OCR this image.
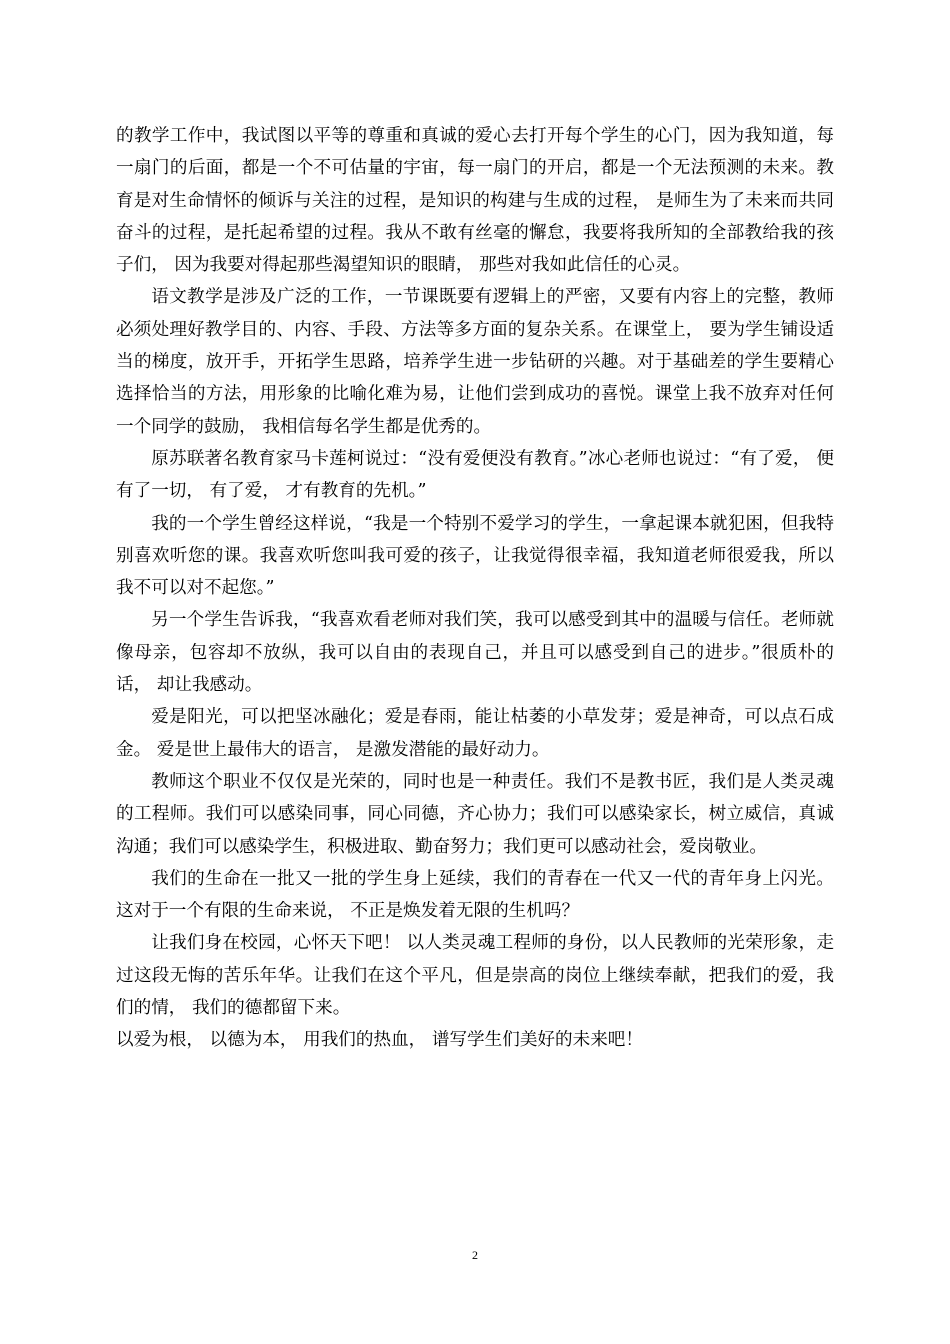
的教学工作中，我试图以平等的尊重和真诚的爱心去打开每个学生的心门，因为我知道，每一扇门的后面，都是一个不可估量的宇宙，每一扇门的开启，都是一个无法预测的未来。教育是对生命情怀的倾诉与关注的过程，是知识的构建与生成的过程， 是师生为了未来而共同奋斗的过程，是托起希望的过程。我从不敢有丝毫的懈怠，我要将我所知的全部教给我的孩子们， 因为我要对得起那些渴望知识的眼睛， 那些对我如此信任的心灵。

语文教学是涉及广泛的工作，一节课既要有逻辑上的严密，又要有内容上的完整，教师必须处理好教学目的、内容、手段、方法等多方面的复杂关系。在课堂上， 要为学生铺设适当的梯度，放开手，开拓学生思路，培养学生进一步钻研的兴趣。对于基础差的学生要精心选择恰当的方法，用形象的比喻化难为易，让他们尝到成功的喜悦。课堂上我不放弃对任何一个同学的鼓励， 我相信每名学生都是优秀的。

原苏联著名教育家马卡莲柯说过：“没有爱便没有教育。”冰心老师也说过：“有了爱， 便有了一切， 有了爱， 才有教育的先机。”

我的一个学生曾经这样说，“我是一个特别不爱学习的学生，一拿起课本就犯困，但我特别喜欢听您的课。我喜欢听您叫我可爱的孩子，让我觉得很幸福，我知道老师很爱我，所以我不可以对不起您。”

另一个学生告诉我，“我喜欢看老师对我们笑，我可以感受到其中的温暖与信任。老师就像母亲，包容却不放纵，我可以自由的表现自己，并且可以感受到自己的进步。”很质朴的话， 却让我感动。

爱是阳光，可以把坚冰融化；爱是春雨，能让枯萎的小草发芽；爱是神奇，可以点石成金。 爱是世上最伟大的语言， 是激发潜能的最好动力。

教师这个职业不仅仅是光荣的，同时也是一种责任。我们不是教书匠，我们是人类灵魂的工程师。我们可以感染同事，同心同德，齐心协力；我们可以感染家长，树立威信，真诚沟通；我们可以感染学生，积极进取、勤奋努力；我们更可以感动社会，爱岗敬业。

我们的生命在一批又一批的学生身上延续，我们的青春在一代又一代的青年身上闪光。 这对于一个有限的生命来说， 不正是焕发着无限的生机吗？

让我们身在校园，心怀天下吧！ 以人类灵魂工程师的身份，以人民教师的光荣形象，走过这段无悔的苦乐年华。让我们在这个平凡，但是崇高的岗位上继续奉献，把我们的爱，我们的情， 我们的德都留下来。

以爱为根， 以德为本， 用我们的热血， 谱写学生们美好的未来吧！

2
